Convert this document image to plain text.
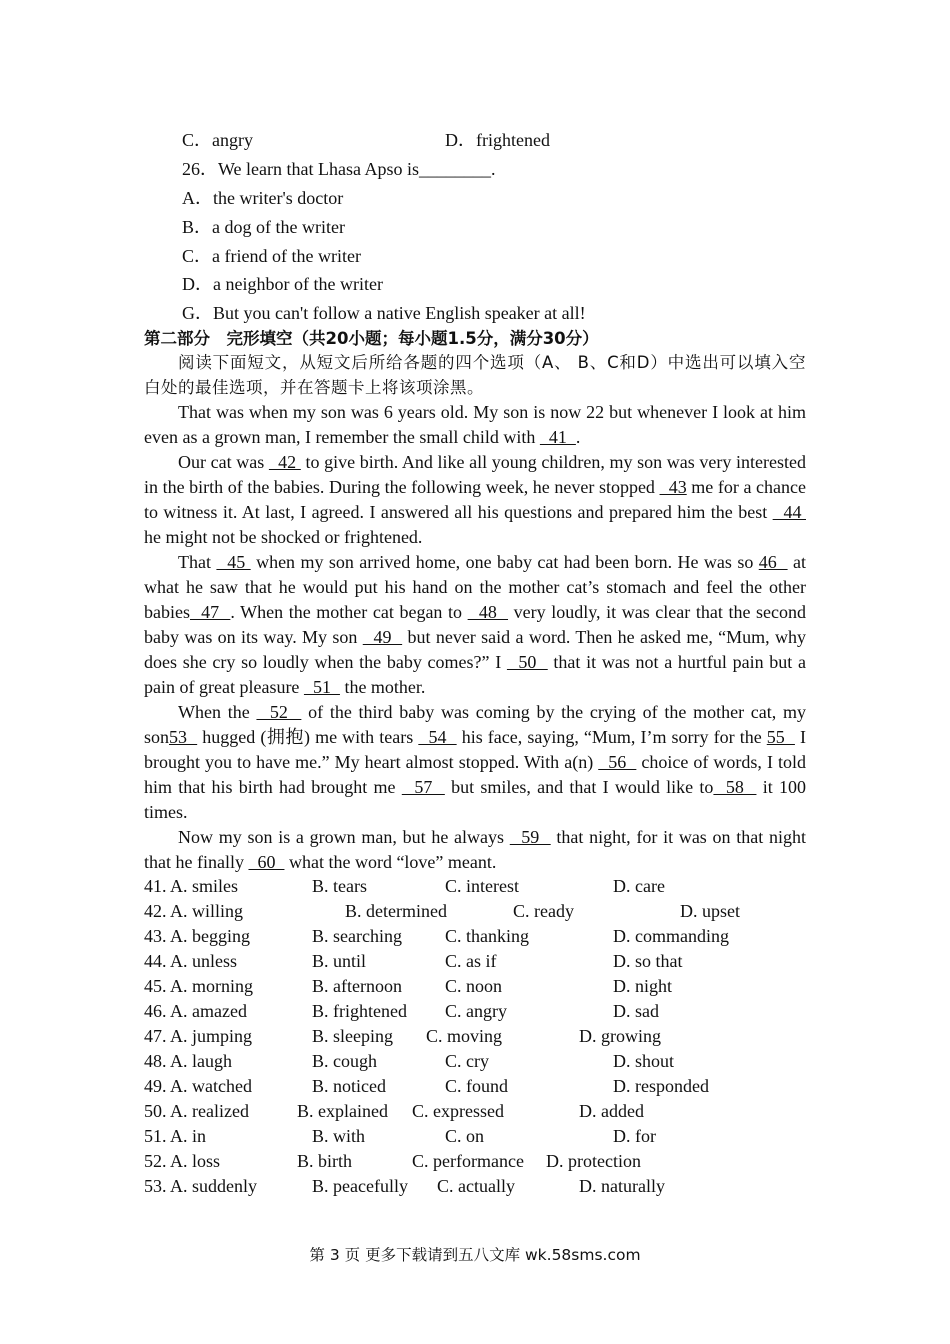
C．angry	D．frightened
26．We learn that Lhasa Apso is________.
A．the writer's doctor
B．a dog of the writer
C．a friend of the writer
D．a neighbor of the writer
G．But you can't follow a native English speaker at all!
第二部分　完形填空（共20小题；每小题1.5分，满分30分）
阅读下面短文，从短文后所给各题的四个选项（A、 B、C和D）中选出可以填入空白处的最佳选项，并在答题卡上将该项涂黑。
That was when my son was 6 years old. My son is now 22 but whenever I look at him even as a grown man, I remember the small child with   41  .
Our cat was   42  to give birth. And like all young children, my son was very interested in the birth of the babies. During the following week, he never stopped   43 me for a chance to witness it. At last, I agreed. I answered all his questions and prepared him the best   44  he might not be shocked or frightened.
That   45  when my son arrived home, one baby cat had been born. He was so 46   at what he saw that he would put his hand on the mother cat’s stomach and feel the other babies  47  . When the mother cat began to   48   very loudly, it was clear that the second baby was on its way. My son   49   but never said a word. Then he asked me, “Mum, why does she cry so loudly when the baby comes?” I   50   that it was not a hurtful pain but a pain of great pleasure   51   the mother.
When the   52   of the third baby was coming by the crying of the mother cat, my son53   hugged (拥抱) me with tears   54   his face, saying, “Mum, I’m sorry for the 55   I brought you to have me.” My heart almost stopped. With a(n)   56   choice of words, I told him that his birth had brought me   57   but smiles, and that I would like to  58   it 100 times.
Now my son is a grown man, but he always   59   that night, for it was on that night that he finally   60   what the word “love” meant.
41. A. smiles	B. tears	C. interest	D. care
42. A. willing	B. determined	C. ready	D. upset
43. A. begging	B. searching C. thanking	D. commanding
44. A. unless	B. until	C. as if	D. so that
45. A. morning	B. afternoon C. noon	D. night
46. A. amazed	B. frightened C. angry	D. sad
47. A. jumping	B. sleeping C. moving	D. growing
48. A. laugh	B. cough	C. cry	D. shout
49. A. watched	B. noticed	C. found	D. responded
50. A. realized	B. explained C. expressed	D. added
51. A. in	B. with	C. on	D. for
52. A. loss	B. birth	C. performance D. protection
53. A. suddenly	B. peacefully C. actually	D. naturally
第 3 页 更多下载请到五八文库 wk.58sms.com
